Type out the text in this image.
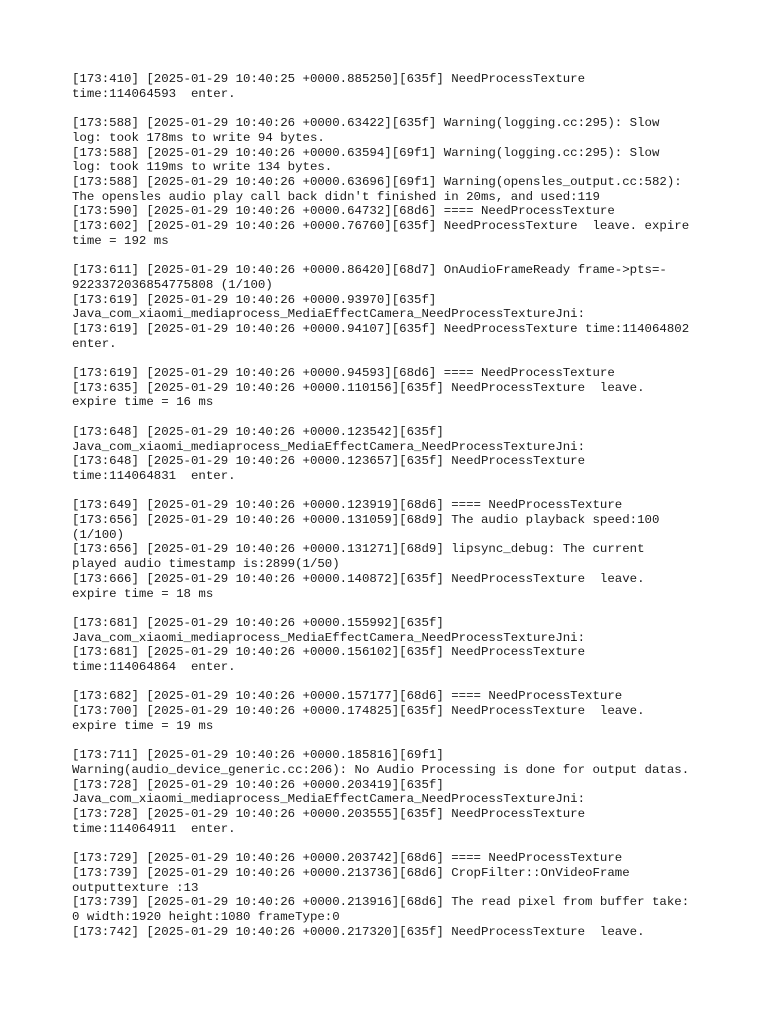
[173:410] [2025-01-29 10:40:25 +0000.885250][635f] NeedProcessTexture
time:114064593  enter.
[173:588] [2025-01-29 10:40:26 +0000.63422][635f] Warning(logging.cc:295): Slow
log: took 178ms to write 94 bytes.
[173:588] [2025-01-29 10:40:26 +0000.63594][69f1] Warning(logging.cc:295): Slow
log: took 119ms to write 134 bytes.
[173:588] [2025-01-29 10:40:26 +0000.63696][69f1] Warning(opensles_output.cc:582):
The opensles audio play call back didn't finished in 20ms, and used:119
[173:590] [2025-01-29 10:40:26 +0000.64732][68d6] ==== NeedProcessTexture
[173:602] [2025-01-29 10:40:26 +0000.76760][635f] NeedProcessTexture  leave. expire
time = 192 ms
[173:611] [2025-01-29 10:40:26 +0000.86420][68d7] OnAudioFrameReady frame->pts=-
9223372036854775808 (1/100)
[173:619] [2025-01-29 10:40:26 +0000.93970][635f]
Java_com_xiaomi_mediaprocess_MediaEffectCamera_NeedProcessTextureJni:
[173:619] [2025-01-29 10:40:26 +0000.94107][635f] NeedProcessTexture time:114064802
enter.
[173:619] [2025-01-29 10:40:26 +0000.94593][68d6] ==== NeedProcessTexture
[173:635] [2025-01-29 10:40:26 +0000.110156][635f] NeedProcessTexture  leave.
expire time = 16 ms
[173:648] [2025-01-29 10:40:26 +0000.123542][635f]
Java_com_xiaomi_mediaprocess_MediaEffectCamera_NeedProcessTextureJni:
[173:648] [2025-01-29 10:40:26 +0000.123657][635f] NeedProcessTexture
time:114064831  enter.
[173:649] [2025-01-29 10:40:26 +0000.123919][68d6] ==== NeedProcessTexture
[173:656] [2025-01-29 10:40:26 +0000.131059][68d9] The audio playback speed:100
(1/100)
[173:656] [2025-01-29 10:40:26 +0000.131271][68d9] lipsync_debug: The current
played audio timestamp is:2899(1/50)
[173:666] [2025-01-29 10:40:26 +0000.140872][635f] NeedProcessTexture  leave.
expire time = 18 ms
[173:681] [2025-01-29 10:40:26 +0000.155992][635f]
Java_com_xiaomi_mediaprocess_MediaEffectCamera_NeedProcessTextureJni:
[173:681] [2025-01-29 10:40:26 +0000.156102][635f] NeedProcessTexture
time:114064864  enter.
[173:682] [2025-01-29 10:40:26 +0000.157177][68d6] ==== NeedProcessTexture
[173:700] [2025-01-29 10:40:26 +0000.174825][635f] NeedProcessTexture  leave.
expire time = 19 ms
[173:711] [2025-01-29 10:40:26 +0000.185816][69f1]
Warning(audio_device_generic.cc:206): No Audio Processing is done for output datas.
[173:728] [2025-01-29 10:40:26 +0000.203419][635f]
Java_com_xiaomi_mediaprocess_MediaEffectCamera_NeedProcessTextureJni:
[173:728] [2025-01-29 10:40:26 +0000.203555][635f] NeedProcessTexture
time:114064911  enter.
[173:729] [2025-01-29 10:40:26 +0000.203742][68d6] ==== NeedProcessTexture
[173:739] [2025-01-29 10:40:26 +0000.213736][68d6] CropFilter::OnVideoFrame
outputtexture :13
[173:739] [2025-01-29 10:40:26 +0000.213916][68d6] The read pixel from buffer take:
0 width:1920 height:1080 frameType:0
[173:742] [2025-01-29 10:40:26 +0000.217320][635f] NeedProcessTexture  leave.
